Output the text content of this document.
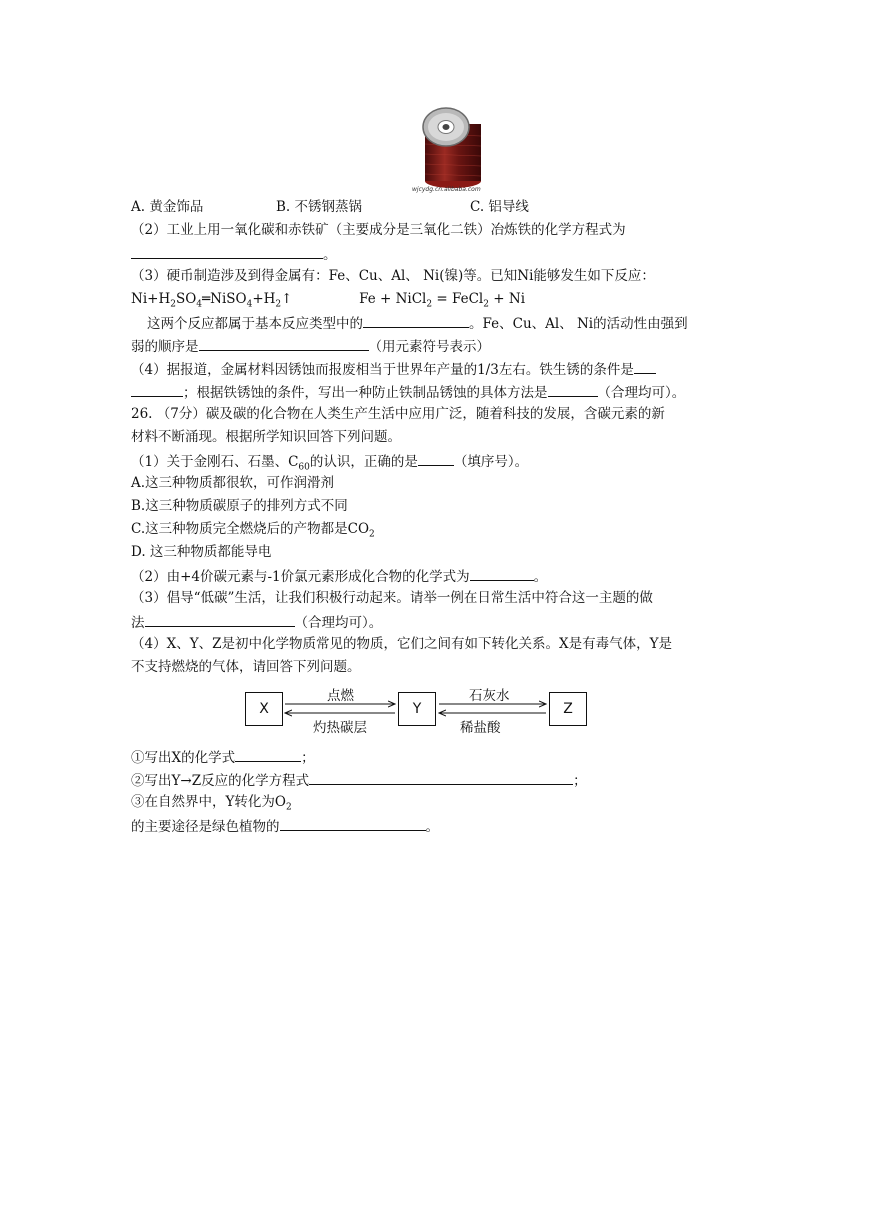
wjcydg.cn.alibaba.com
A. 黄金饰品	B. 不锈钢蒸锅	C. 铝导线
（2）工业上用一氧化碳和赤铁矿（主要成分是三氧化二铁）冶炼铁的化学方程式为
。
（3）硬币制造涉及到得金属有：Fe、Cu、Al、 Ni(镍)等。已知Ni能够发生如下反应：
$Ni+H_2SO_4═NiSO_4+H_2↑$	Fe + NiCl$_2$ = FeCl$_2$ + Ni
这两个反应都属于基本反应类型中的	。Fe、Cu、Al、 Ni的活动性由强到
弱的顺序是	（用元素符号表示）
（4）据报道，金属材料因锈蚀而报废相当于世界年产量的1/3左右。铁生锈的条件是
；根据铁锈蚀的条件，写出一种防止铁制品锈蚀的具体方法是	（合理均可）。
26. （7分）碳及碳的化合物在人类生产生活中应用广泛，随着科技的发展，含碳元素的新
材料不断涌现。根据所学知识回答下列问题。
（1）关于金刚石、石墨、$C_{60}$的认识，正确的是	（填序号）。
A.这三种物质都很软，可作润滑剂
B.这三种物质碳原子的排列方式不同
C.这三种物质完全燃烧后的产物都是$CO_2$
D. 这三种物质都能导电
（2）由+4价碳元素与-1价氯元素形成化合物的化学式为	。
（3）倡导“低碳”生活，让我们积极行动起来。请举一例在日常生活中符合这一主题的做
法	（合理均可）。
（4）X、Y、Z是初中化学物质常见的物质，它们之间有如下转化关系。X是有毒气体，Y是
不支持燃烧的气体，请回答下列问题。
X	Y	Z
点燃
灼热碳层
石灰水
稀盐酸
①写出X的化学式	；
②写出Y→Z反应的化学方程式	；
③在自然界中，Y转化为$O_2$
的主要途径是绿色植物的	。
